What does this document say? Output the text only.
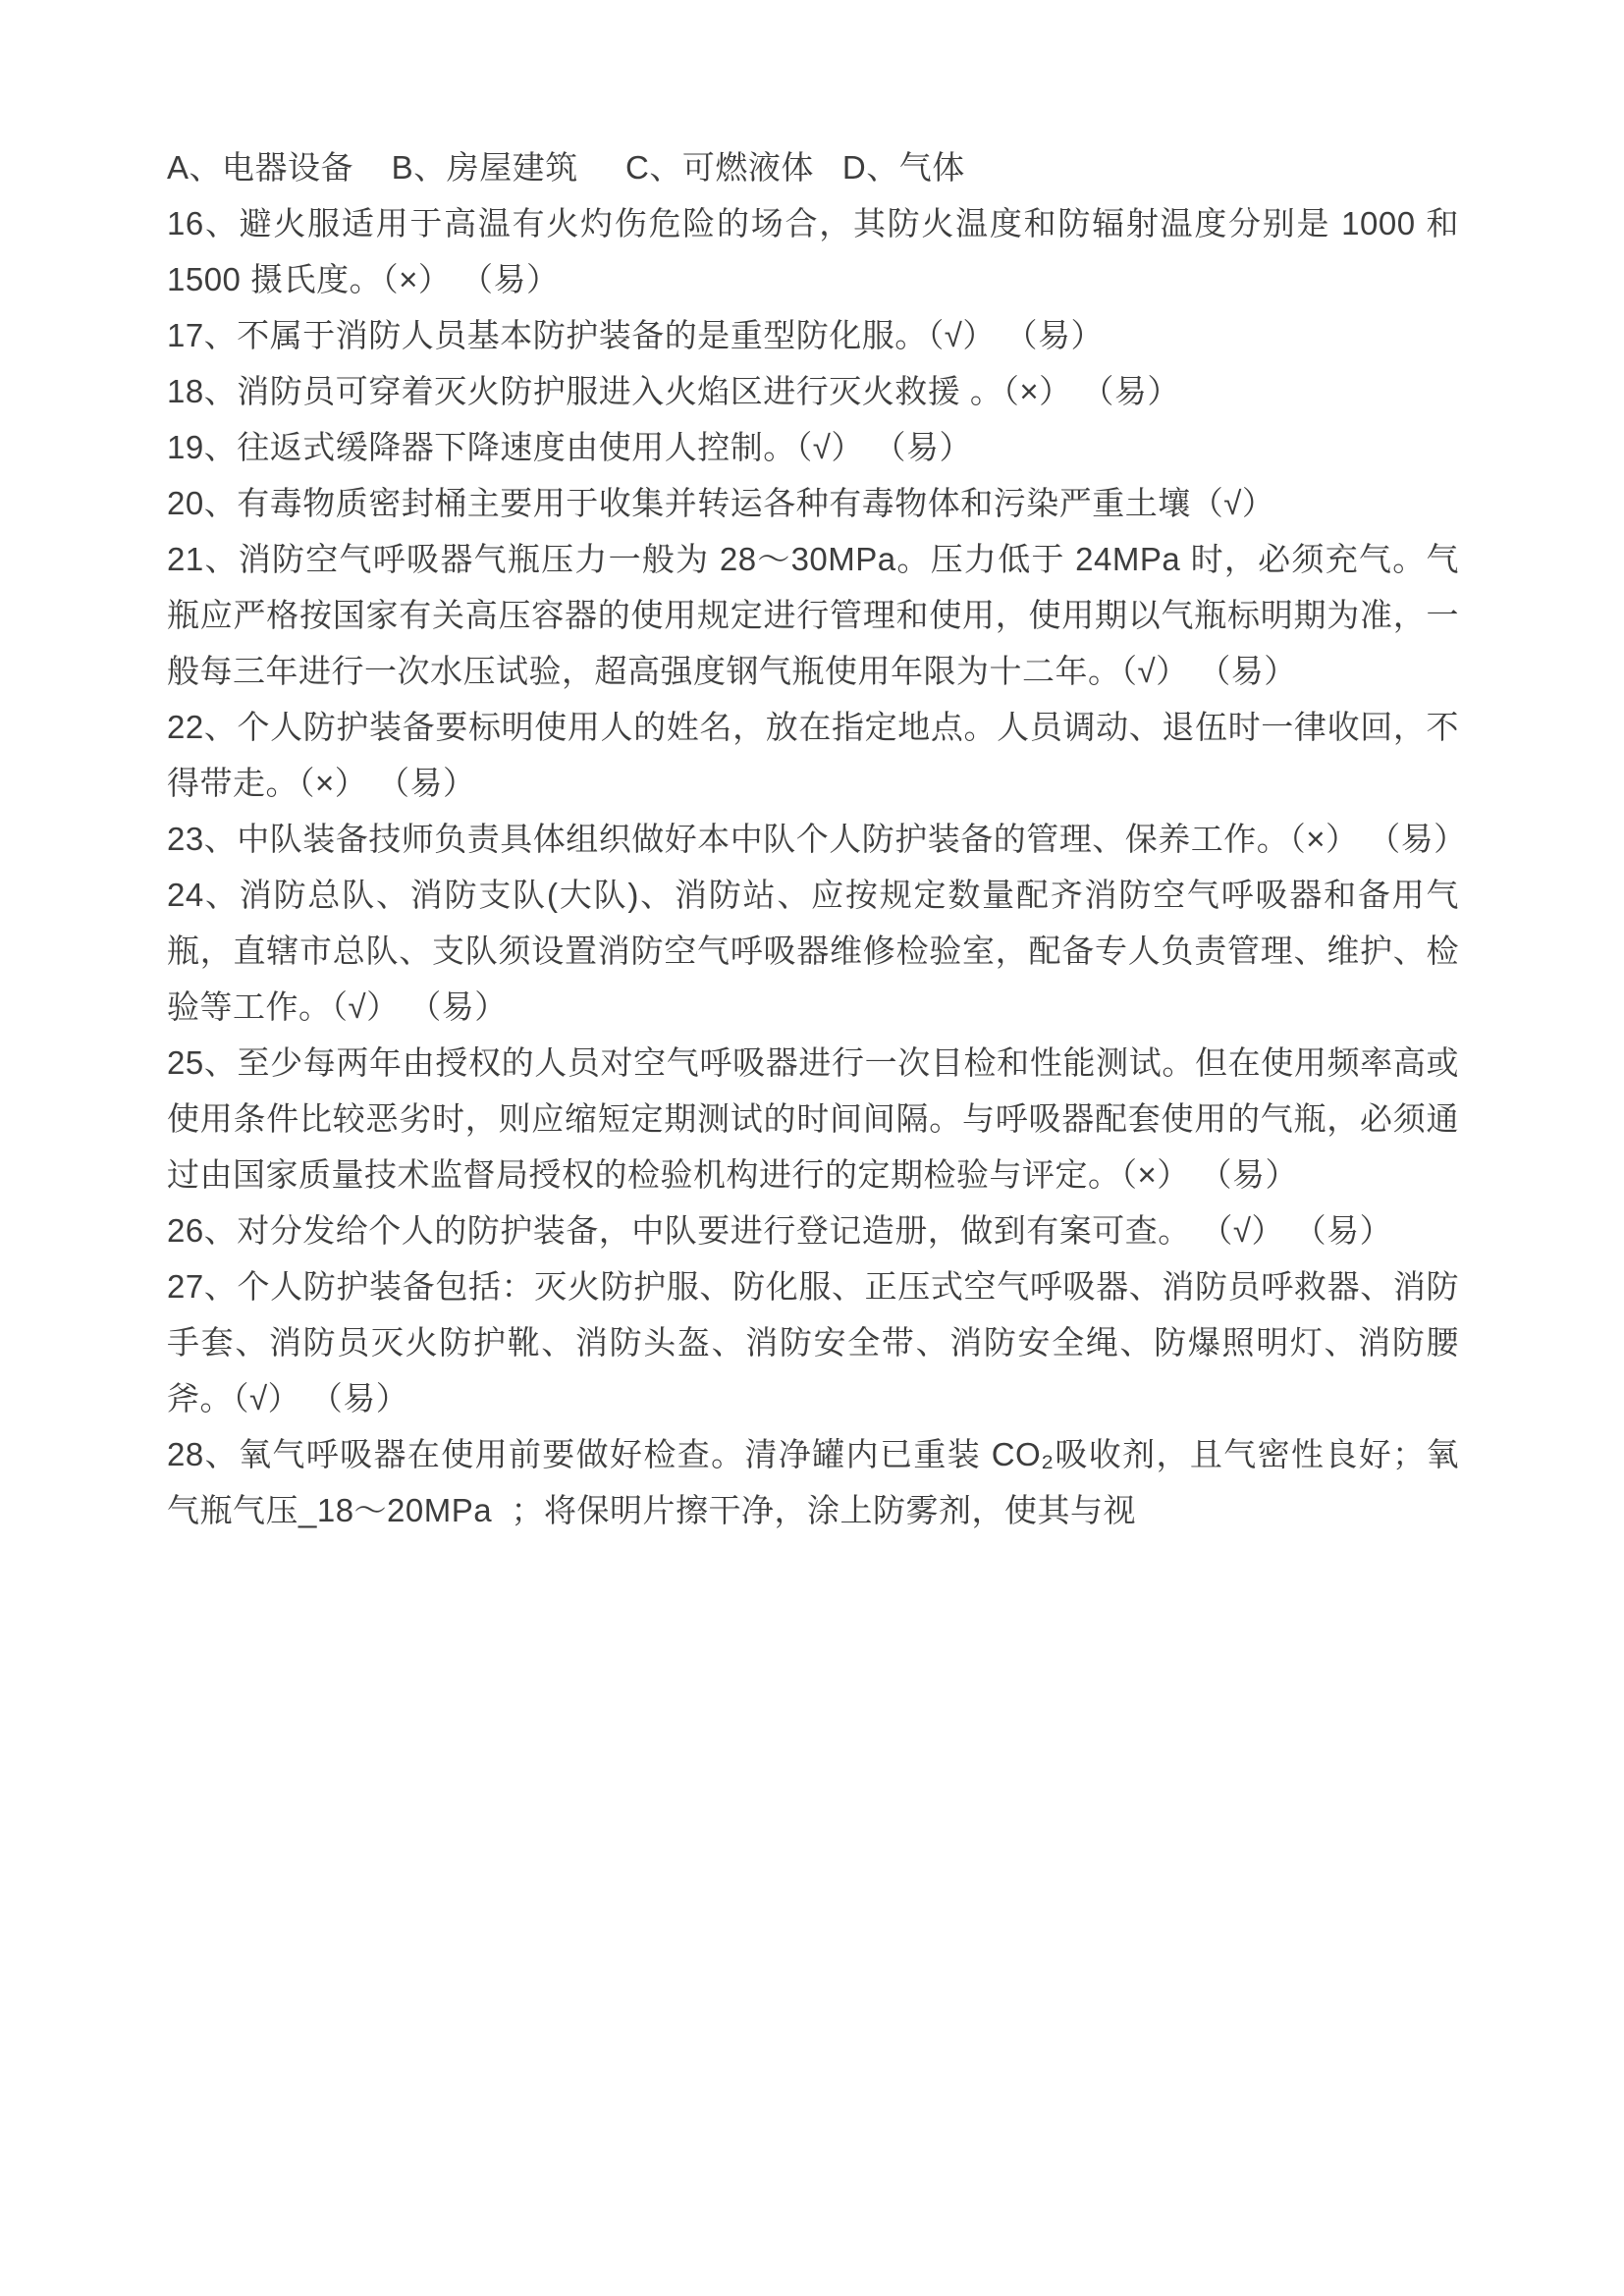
A、电器设备    B、房屋建筑     C、可燃液体   D、气体

16、避火服适用于高温有火灼伤危险的场合，其防火温度和防辐射温度分别是 1000 和 1500 摄氏度。（×） （易）

17、不属于消防人员基本防护装备的是重型防化服。（√） （易）

18、消防员可穿着灭火防护服进入火焰区进行灭火救援 。（×） （易）

19、往返式缓降器下降速度由使用人控制。（√） （易）

20、有毒物质密封桶主要用于收集并转运各种有毒物体和污染严重土壤（√）

21、消防空气呼吸器气瓶压力一般为 28～30MPa。压力低于 24MPa 时，必须充气。气瓶应严格按国家有关高压容器的使用规定进行管理和使用，使用期以气瓶标明期为准，一般每三年进行一次水压试验，超高强度钢气瓶使用年限为十二年。（√） （易）

22、个人防护装备要标明使用人的姓名，放在指定地点。人员调动、退伍时一律收回，不得带走。（×） （易）

23、中队装备技师负责具体组织做好本中队个人防护装备的管理、保养工作。（×） （易）

24、消防总队、消防支队(大队)、消防站、应按规定数量配齐消防空气呼吸器和备用气瓶，直辖市总队、支队须设置消防空气呼吸器维修检验室，配备专人负责管理、维护、检验等工作。（√） （易）

25、至少每两年由授权的人员对空气呼吸器进行一次目检和性能测试。但在使用频率高或使用条件比较恶劣时，则应缩短定期测试的时间间隔。与呼吸器配套使用的气瓶，必须通过由国家质量技术监督局授权的检验机构进行的定期检验与评定。（×） （易）

26、对分发给个人的防护装备，中队要进行登记造册，做到有案可查。 （√） （易）

27、个人防护装备包括：灭火防护服、防化服、正压式空气呼吸器、消防员呼救器、消防手套、消防员灭火防护靴、消防头盔、消防安全带、消防安全绳、防爆照明灯、消防腰斧。（√） （易）

28、氧气呼吸器在使用前要做好检查。清净罐内已重装 CO₂吸收剂，且气密性良好；氧气瓶气压_18～20MPa  ；将保明片擦干净，涂上防雾剂，使其与视
